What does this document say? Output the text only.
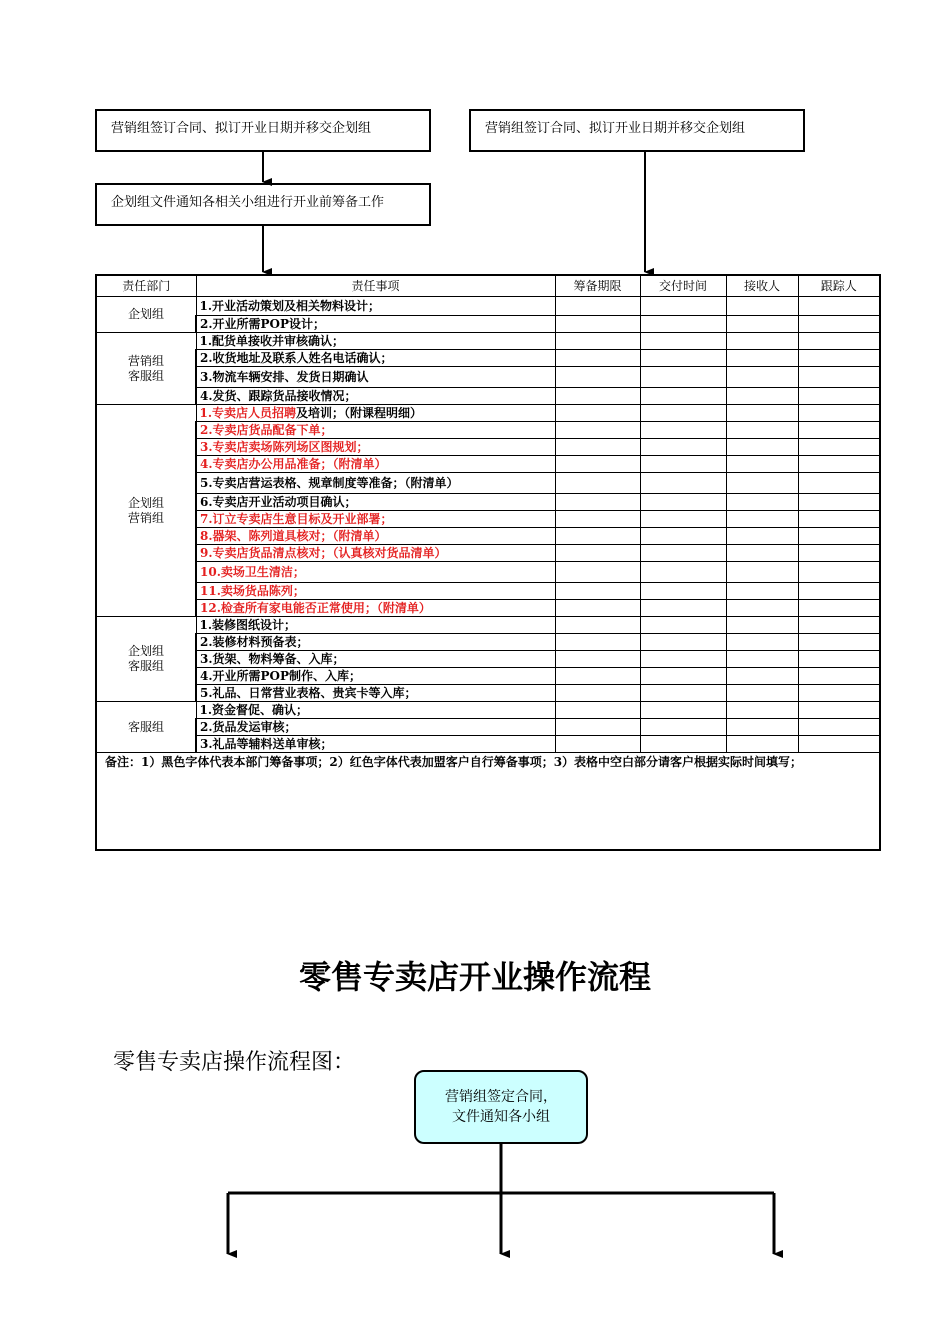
营销组签订合同、拟订开业日期并移交企划组
企划组文件通知各相关小组进行开业前筹备工作
营销组签订合同、拟订开业日期并移交企划组
责任部门	责任事项	筹备期限	交付时间	接收人	跟踪人

企划组	1.开业活动策划及相关物料设计；				
	2.开业所需POP设计；				

营销组
客服组	1.配货单接收并审核确认；				
	2.收货地址及联系人姓名电话确认；				
	3.物流车辆安排、发货日期确认				
	4.发货、跟踪货品接收情况；				

企划组
营销组	1.专卖店人员招聘及培训；（附课程明细）				
	2.专卖店货品配备下单；				
	3.专卖店卖场陈列场区图规划；				
	4.专卖店办公用品准备；（附清单）				
	5.专卖店营运表格、规章制度等准备；（附清单）				
	6.专卖店开业活动项目确认；				
	7.订立专卖店生意目标及开业部署；				
	8.器架、陈列道具核对；（附清单）				
	9.专卖店货品清点核对；（认真核对货品清单）				
	10.卖场卫生清洁；				
	11.卖场货品陈列；				
	12.检查所有家电能否正常使用；（附清单）				

企划组
客服组	1.装修图纸设计；				
	2.装修材料预备表；				
	3.货架、物料筹备、入库；				
	4.开业所需POP制作、入库；				
	5.礼品、日常营业表格、贵宾卡等入库；				

客服组	1.资金督促、确认；				
	2.货品发运审核；				
	3.礼品等辅料送单审核；				
备注：1）黑色字体代表本部门筹备事项；2）红色字体代表加盟客户自行筹备事项；3）表格中空白部分请客户根据实际时间填写；					
零售专卖店开业操作流程
零售专卖店操作流程图：
营销组签定合同，
文件通知各小组
